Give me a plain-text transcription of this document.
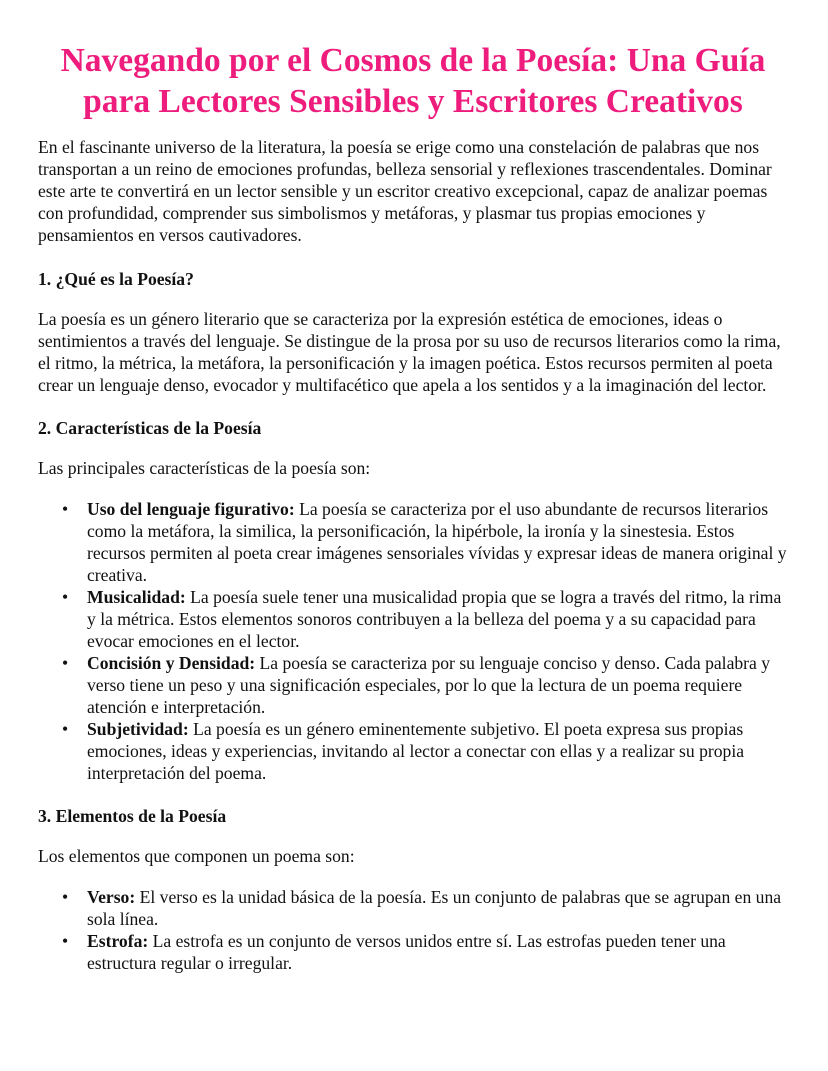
Navegando por el Cosmos de la Poesía: Una Guía para Lectores Sensibles y Escritores Creativos

En el fascinante universo de la literatura, la poesía se erige como una constelación de palabras que nos transportan a un reino de emociones profundas, belleza sensorial y reflexiones trascendentales. Dominar este arte te convertirá en un lector sensible y un escritor creativo excepcional, capaz de analizar poemas con profundidad, comprender sus simbolismos y metáforas, y plasmar tus propias emociones y pensamientos en versos cautivadores.

1. ¿Qué es la Poesía?

La poesía es un género literario que se caracteriza por la expresión estética de emociones, ideas o sentimientos a través del lenguaje. Se distingue de la prosa por su uso de recursos literarios como la rima, el ritmo, la métrica, la metáfora, la personificación y la imagen poética. Estos recursos permiten al poeta crear un lenguaje denso, evocador y multifacético que apela a los sentidos y a la imaginación del lector.

2. Características de la Poesía

Las principales características de la poesía son:

• Uso del lenguaje figurativo: La poesía se caracteriza por el uso abundante de recursos literarios como la metáfora, la similica, la personificación, la hipérbole, la ironía y la sinestesia. Estos recursos permiten al poeta crear imágenes sensoriales vívidas y expresar ideas de manera original y creativa.
• Musicalidad: La poesía suele tener una musicalidad propia que se logra a través del ritmo, la rima y la métrica. Estos elementos sonoros contribuyen a la belleza del poema y a su capacidad para evocar emociones en el lector.
• Concisión y Densidad: La poesía se caracteriza por su lenguaje conciso y denso. Cada palabra y verso tiene un peso y una significación especiales, por lo que la lectura de un poema requiere atención e interpretación.
• Subjetividad: La poesía es un género eminentemente subjetivo. El poeta expresa sus propias emociones, ideas y experiencias, invitando al lector a conectar con ellas y a realizar su propia interpretación del poema.
3. Elementos de la Poesía

Los elementos que componen un poema son:

• Verso: El verso es la unidad básica de la poesía. Es un conjunto de palabras que se agrupan en una sola línea.
• Estrofa: La estrofa es un conjunto de versos unidos entre sí. Las estrofas pueden tener una estructura regular o irregular.
